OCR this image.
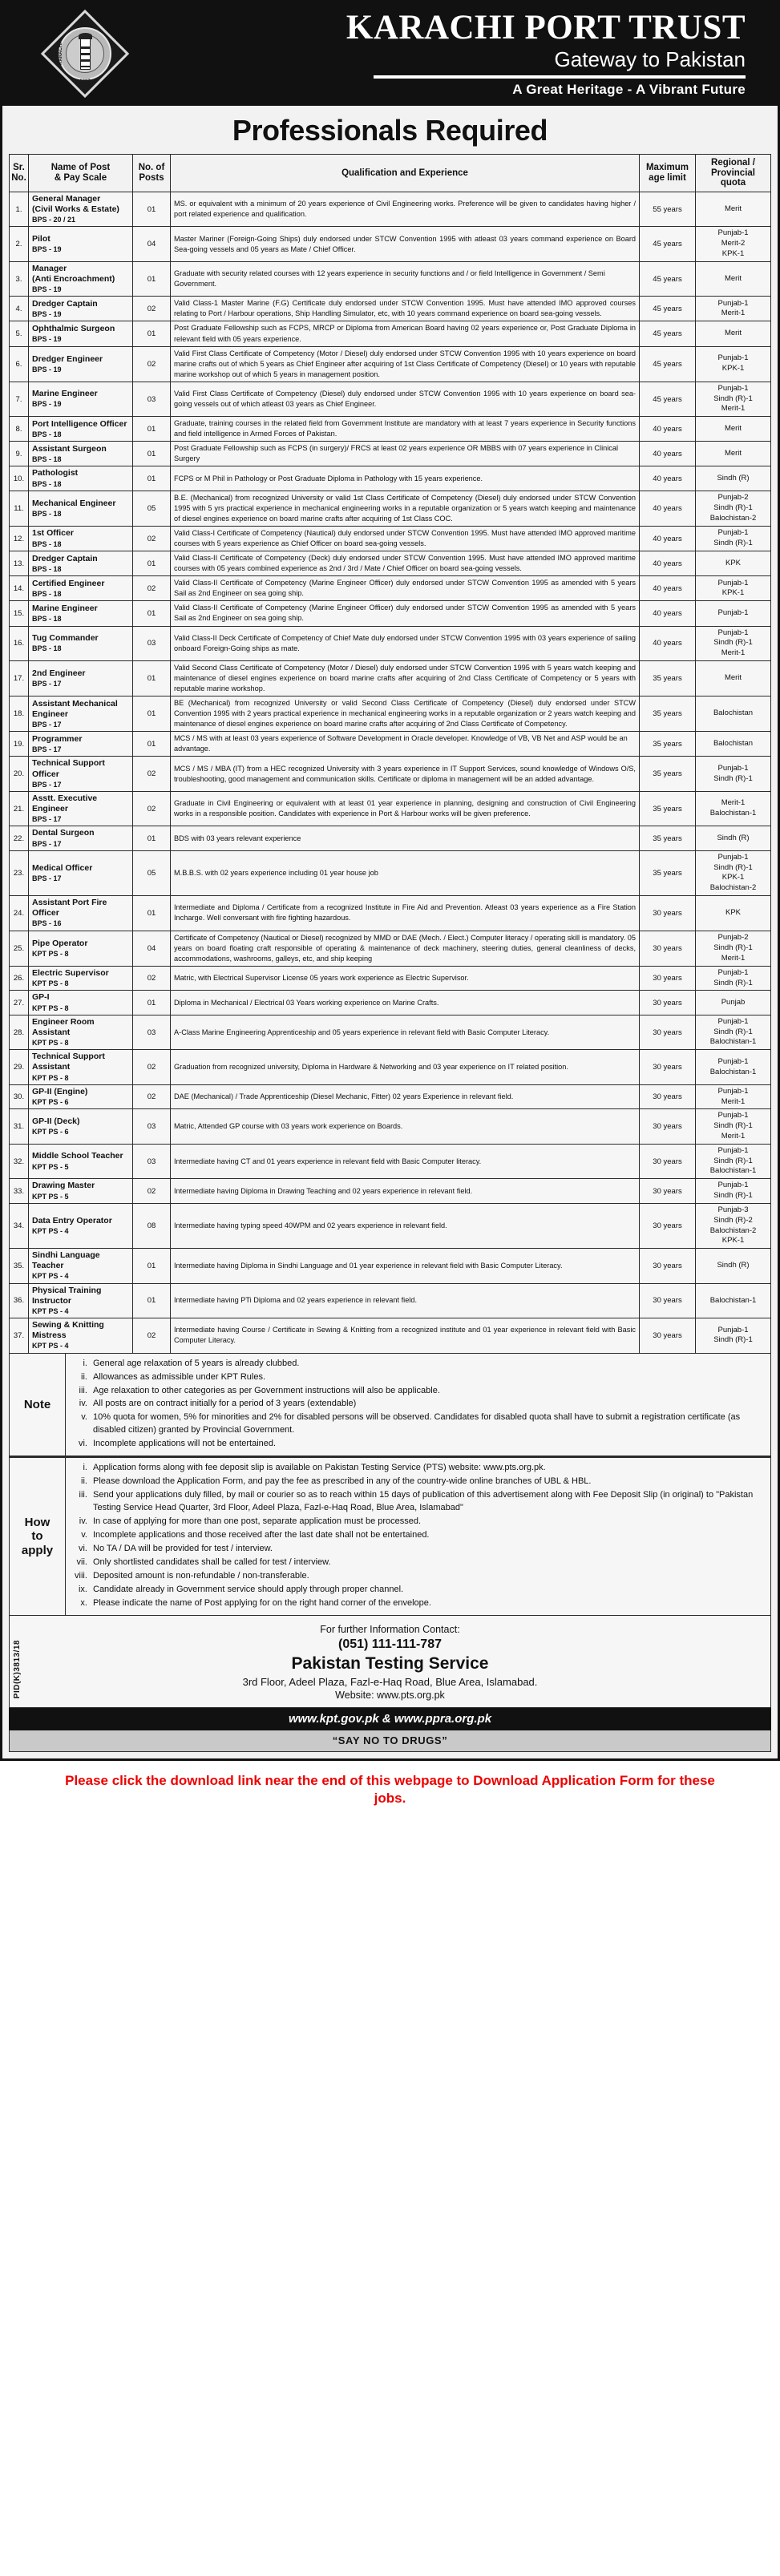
PORT
TRUST
KARACHI
1887
KARACHI PORT TRUST
Gateway to Pakistan
A Great Heritage - A Vibrant Future
Professionals Required
Sr.
No.	Name of Post
& Pay Scale	No. of
Posts	Qualification and Experience	Maximum
age limit	Regional /
Provincial quota
1.	General Manager
(Civil Works & Estate)
BPS - 20 / 21	01	MS. or equivalent with a minimum of 20 years experience of Civil Engineering works. Preference will be given to candidates having higher / port related experience and qualification.	55 years	Merit
2.	Pilot
BPS - 19	04	Master Mariner (Foreign-Going Ships) duly endorsed under STCW Convention 1995 with atleast 03 years command experience on Board Sea-going vessels and 05 years as Mate / Chief Officer.	45 years	Punjab-1
Merit-2
KPK-1
3.	Manager
(Anti Encroachment)
BPS - 19	01	Graduate with security related courses with 12 years experience in security functions and / or field Intelligence in Government / Semi Government.	45 years	Merit
4.	Dredger Captain
BPS - 19	02	Valid Class-1 Master Marine (F.G) Certificate duly endorsed under STCW Convention 1995. Must have attended IMO approved courses relating to Port / Harbour operations, Ship Handling Simulator, etc, with 10 years command experience on board sea-going vessels.	45 years	Punjab-1
Merit-1
5.	Ophthalmic Surgeon
BPS - 19	01	Post Graduate Fellowship such as FCPS, MRCP or Diploma from American Board having 02 years experience or, Post Graduate Diploma in relevant field with 05 years experience.	45 years	Merit
6.	Dredger Engineer
BPS - 19	02	Valid First Class Certificate of Competency (Motor / Diesel) duly endorsed under STCW Convention 1995 with 10 years experience on board marine crafts out of which 5 years as Chief Engineer after acquiring of 1st Class Certificate of Competency (Diesel) or 10 years with reputable marine workshop out of which 5 years in management position.	45 years	Punjab-1
KPK-1
7.	Marine Engineer
BPS - 19	03	Valid First Class Certificate of Competency (Diesel) duly endorsed under STCW Convention 1995 with 10 years experience on board sea-going vessels out of which atleast 03 years as Chief Engineer.	45 years	Punjab-1
Sindh (R)-1
Merit-1
8.	Port Intelligence Officer
BPS - 18	01	Graduate, training courses in the related field from Government Institute are mandatory with at least 7 years experience in Security functions and field intelligence in Armed Forces of Pakistan.	40 years	Merit
9.	Assistant Surgeon
BPS - 18	01	Post Graduate Fellowship such as FCPS (in surgery)/ FRCS at least 02 years experience OR MBBS with 07 years experience in Clinical Surgery	40 years	Merit
10.	Pathologist
BPS - 18	01	FCPS or M Phil in Pathology or Post Graduate Diploma in Pathology with 15 years experience.	40 years	Sindh (R)
11.	Mechanical Engineer
BPS - 18
	05	B.E. (Mechanical) from recognized University or valid 1st Class Certificate of Competency (Diesel) duly endorsed under STCW Convention 1995 with 5 yrs practical experience in mechanical engineering works in a reputable organization or 5 years watch keeping and maintenance of diesel engines experience on board marine crafts after acquiring of 1st Class COC.	40 years	Punjab-2
Sindh (R)-1
Balochistan-2
12.	1st Officer
BPS - 18	02	Valid Class-I Certificate of Competency (Nautical) duly endorsed under STCW Convention 1995. Must have attended IMO approved maritime courses with 5 years experience as Chief Officer on board sea-going vessels.	40 years	Punjab-1
Sindh (R)-1
13.	Dredger Captain
BPS - 18	01	Valid Class-II Certificate of Competency (Deck) duly endorsed under STCW Convention 1995. Must have attended IMO approved maritime courses with 05 years combined experience as 2nd / 3rd / Mate / Chief Officer on board sea-going vessels.	40 years	KPK
14.	Certified Engineer
BPS - 18	02	Valid Class-II Certificate of Competency (Marine Engineer Officer) duly endorsed under STCW Convention 1995 as amended with 5 years Sail as 2nd Engineer on sea going ship.	40 years	Punjab-1
KPK-1
15.	Marine Engineer
BPS - 18	01	Valid Class-II Certificate of Competency (Marine Engineer Officer) duly endorsed under STCW Convention 1995 as amended with 5 years Sail as 2nd Engineer on sea going ship.	40 years	Punjab-1
16.	Tug Commander
BPS - 18	03	Valid Class-II Deck Certificate of Competency of Chief Mate duly endorsed under STCW Convention 1995 with 03 years experience of sailing onboard Foreign-Going ships as mate.	40 years	Punjab-1
Sindh (R)-1
Merit-1
17.	2nd Engineer
BPS - 17	01	Valid Second Class Certificate of Competency (Motor / Diesel) duly endorsed under STCW Convention 1995 with 5 years watch keeping and maintenance of diesel engines experience on board marine crafts after acquiring of 2nd Class Certificate of Competency or 5 years with reputable marine workshop.	35 years	Merit
18.	Assistant Mechanical
Engineer
BPS - 17
	01	BE (Mechanical) from recognized University or valid Second Class Certificate of Competency (Diesel) duly endorsed under STCW Convention 1995 with 2 years practical experience in mechanical engineering works in a reputable organization or 2 years watch keeping and maintenance of diesel engines experience on board marine crafts after acquiring of 2nd Class Certificate of Competency.	35 years	Balochistan
19.	Programmer
BPS - 17	01	MCS / MS with at least 03 years experience of Software Development in Oracle developer. Knowledge of VB, VB Net and ASP would be an advantage.	35 years	Balochistan
20.	Technical Support
Officer
BPS - 17
	02	MCS / MS / MBA (IT) from a HEC recognized University with 3 years experience in IT Support Services, sound knowledge of Windows O/S, troubleshooting, good management and communication skills. Certificate or diploma in management will be an added advantage.	35 years	Punjab-1
Sindh (R)-1
21.	Asstt. Executive
Engineer
BPS - 17
	02	Graduate in Civil Engineering or equivalent with at least 01 year experience in planning, designing and construction of Civil Engineering works in a responsible position. Candidates with experience in Port & Harbour works will be given preference.	35 years	Merit-1
Balochistan-1
22.	Dental Surgeon
BPS - 17	01	BDS with 03 years relevant experience	35 years	Sindh (R)
23.	Medical Officer
BPS - 17	05	M.B.B.S. with 02 years experience including 01 year house job	35 years	Punjab-1
Sindh (R)-1
KPK-1
Balochistan-2
24.	Assistant Port Fire
Officer
BPS - 16	01	Intermediate and Diploma / Certificate from a recognized Institute in Fire Aid and Prevention. Atleast 03 years experience as a Fire Station Incharge. Well conversant with fire fighting hazardous.	30 years	KPK
25.	Pipe Operator
KPT PS - 8
	04	Certificate of Competency (Nautical or Diesel) recognized by MMD or DAE (Mech. / Elect.) Computer literacy / operating skill is mandatory. 05 years on board floating craft responsible of operating & maintenance of deck machinery, steering duties, general cleanliness of decks, accommodations, washrooms, galleys, etc, and ship keeping	30 years	Punjab-2
Sindh (R)-1
Merit-1
26.	Electric Supervisor
KPT PS - 8	02	Matric, with Electrical Supervisor License 05 years work experience as Electric Supervisor.	30 years	Punjab-1
Sindh (R)-1
27.	GP-I
KPT PS - 8	01	Diploma in Mechanical / Electrical 03 Years working experience on Marine Crafts.	30 years	Punjab
28.	Engineer Room Assistant
KPT PS - 8	03	A-Class Marine Engineering Apprenticeship and 05 years experience in relevant field with Basic Computer Literacy.	30 years	Punjab-1
Sindh (R)-1
Balochistan-1
29.	Technical Support
Assistant
KPT PS - 8	02	Graduation from recognized university, Diploma in Hardware & Networking and 03 year experience on IT related position.	30 years	Punjab-1
Balochistan-1
30.	GP-II (Engine)
KPT PS - 6	02	DAE (Mechanical) / Trade Apprenticeship (Diesel Mechanic, Fitter) 02 years Experience in relevant field.	30 years	Punjab-1
Merit-1
31.	GP-II (Deck)
KPT PS - 6	03	Matric, Attended GP course with 03 years work experience on Boards.	30 years	Punjab-1
Sindh (R)-1
Merit-1
32.	Middle School Teacher
KPT PS - 5	03	Intermediate having CT and 01 years experience in relevant field with Basic Computer literacy.	30 years	Punjab-1
Sindh (R)-1
Balochistan-1
33.	Drawing Master
KPT PS - 5	02	Intermediate having Diploma in Drawing Teaching and 02 years experience in relevant field.	30 years	Punjab-1
Sindh (R)-1
34.	Data Entry Operator
KPT PS - 4	08	Intermediate having typing speed 40WPM and 02 years experience in relevant field.	30 years	Punjab-3
Sindh (R)-2
Balochistan-2
KPK-1
35.	Sindhi Language Teacher
KPT PS - 4	01	Intermediate having Diploma in Sindhi Language and 01 year experience in relevant field with Basic Computer Literacy.	30 years	Sindh (R)
36.	Physical Training
Instructor
KPT PS - 4	01	Intermediate having PTi Diploma and 02 years experience in relevant field.	30 years	Balochistan-1
37.	Sewing & Knitting
Mistress
KPT PS - 4	02	Intermediate having Course / Certificate in Sewing & Knitting from a recognized institute and 01 year experience in relevant field with Basic Computer Literacy.	30 years	Punjab-1
Sindh (R)-1
Note
i. General age relaxation of 5 years is already clubbed.
ii. Allowances as admissible under KPT Rules.
iii. Age relaxation to other categories as per Government instructions will also be applicable.
iv. All posts are on contract initially for a period of 3 years (extendable)
v. 10% quota for women, 5% for minorities and 2% for disabled persons will be observed. Candidates for disabled quota shall have to submit a registration certificate (as disabled citizen) granted by Provincial Government.
vi. Incomplete applications will not be entertained.
How
to
apply
i. Application forms along with fee deposit slip is available on Pakistan Testing Service (PTS) website: www.pts.org.pk.
ii. Please download the Application Form, and pay the fee as prescribed in any of the country-wide online branches of UBL & HBL.
iii. Send your applications duly filled, by mail or courier so as to reach within 15 days of publication of this advertisement along with Fee Deposit Slip (in original) to "Pakistan Testing Service Head Quarter, 3rd Floor, Adeel Plaza, Fazl-e-Haq Road, Blue Area, Islamabad"
iv. In case of applying for more than one post, separate application must be processed.
v. Incomplete applications and those received after the last date shall not be entertained.
vi. No TA / DA will be provided for test / interview.
vii. Only shortlisted candidates shall be called for test / interview.
viii. Deposited amount is non-refundable / non-transferable.
ix. Candidate already in Government service should apply through proper channel.
x. Please indicate the name of Post applying for on the right hand corner of the envelope.
PID(K)3813/18
For further Information Contact:
(051) 111-111-787
Pakistan Testing Service
3rd Floor, Adeel Plaza, Fazl-e-Haq Road, Blue Area, Islamabad.
Website: www.pts.org.pk
www.kpt.gov.pk & www.ppra.org.pk
“SAY NO TO DRUGS”
Please click the download link near the end of this webpage to Download Application Form for these jobs.
